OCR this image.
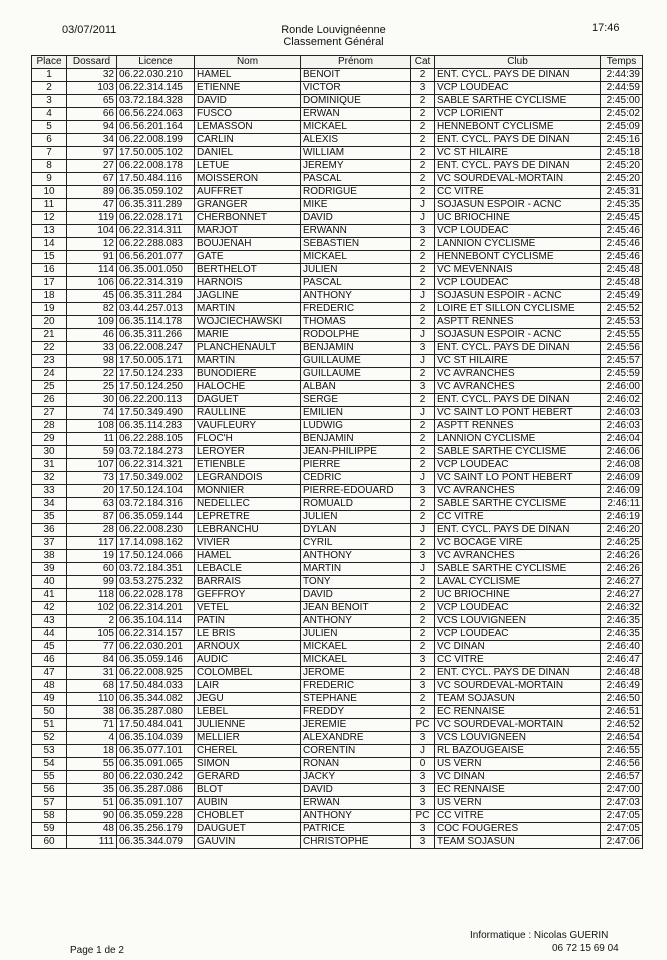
03/07/2011	Ronde Louvignéenne
Classement Général
17:46
Place	Dossard	Licence	Nom	Prénom	Cat	Club	Temps
1	32	06.22.030.210	HAMEL	BENOIT	2	ENT. CYCL. PAYS DE DINAN	2:44:39
2	103	06.22.314.145	ETIENNE	VICTOR	3	VCP LOUDEAC	2:44:59
3	65	03.72.184.328	DAVID	DOMINIQUE	2	SABLE SARTHE CYCLISME	2:45:00
4	66	06.56.224.063	FUSCO	ERWAN	2	VCP LORIENT	2:45:02
5	94	06.56.201.164	LEMASSON	MICKAEL	2	HENNEBONT CYCLISME	2:45:09
6	34	06.22.008.199	CARLIN	ALEXIS	2	ENT. CYCL. PAYS DE DINAN	2:45:16
7	97	17.50.005.102	DANIEL	WILLIAM	2	VC ST HILAIRE	2:45:18
8	27	06.22.008.178	LETUE	JEREMY	2	ENT. CYCL. PAYS DE DINAN	2:45:20
9	67	17.50.484.116	MOISSERON	PASCAL	2	VC SOURDEVAL-MORTAIN	2:45:20
10	89	06.35.059.102	AUFFRET	RODRIGUE	2	CC VITRE	2:45:31
11	47	06.35.311.289	GRANGER	MIKE	J	SOJASUN ESPOIR - ACNC	2:45:35
12	119	06.22.028.171	CHERBONNET	DAVID	J	UC BRIOCHINE	2:45:45
13	104	06.22.314.311	MARJOT	ERWANN	3	VCP LOUDEAC	2:45:46
14	12	06.22.288.083	BOUJENAH	SEBASTIEN	2	LANNION CYCLISME	2:45:46
15	91	06.56.201.077	GATE	MICKAEL	2	HENNEBONT CYCLISME	2:45:46
16	114	06.35.001.050	BERTHELOT	JULIEN	2	VC MEVENNAIS	2:45:48
17	106	06.22.314.319	HARNOIS	PASCAL	2	VCP LOUDEAC	2:45:48
18	45	06.35.311.284	JAGLINE	ANTHONY	J	SOJASUN ESPOIR - ACNC	2:45:49
19	82	03.44.257.013	MARTIN	FREDERIC	2	LOIRE ET SILLON CYCLISME	2:45:52
20	109	06.35.114.178	WOJCIECHAWSKI	THOMAS	2	ASPTT RENNES	2:45:53
21	46	06.35.311.266	MARIE	RODOLPHE	J	SOJASUN ESPOIR - ACNC	2:45:55
22	33	06.22.008.247	PLANCHENAULT	BENJAMIN	3	ENT. CYCL. PAYS DE DINAN	2:45:56
23	98	17.50.005.171	MARTIN	GUILLAUME	J	VC ST HILAIRE	2:45:57
24	22	17.50.124.233	BUNODIERE	GUILLAUME	2	VC AVRANCHES	2:45:59
25	25	17.50.124.250	HALOCHE	ALBAN	3	VC AVRANCHES	2:46:00
26	30	06.22.200.113	DAGUET	SERGE	2	ENT. CYCL. PAYS DE DINAN	2:46:02
27	74	17.50.349.490	RAULLINE	EMILIEN	J	VC SAINT LO PONT HEBERT	2:46:03
28	108	06.35.114.283	VAUFLEURY	LUDWIG	2	ASPTT RENNES	2:46:03
29	11	06.22.288.105	FLOC'H	BENJAMIN	2	LANNION CYCLISME	2:46:04
30	59	03.72.184.273	LEROYER	JEAN-PHILIPPE	2	SABLE SARTHE CYCLISME	2:46:06
31	107	06.22.314.321	ETIENBLE	PIERRE	2	VCP LOUDEAC	2:46:08
32	73	17.50.349.002	LEGRANDOIS	CEDRIC	J	VC SAINT LO PONT HEBERT	2:46:09
33	20	17.50.124.104	MONNIER	PIERRE-EDOUARD	3	VC AVRANCHES	2:46:09
34	63	03.72.184.316	NEDELLEC	ROMUALD	2	SABLE SARTHE CYCLISME	2:46:11
35	87	06.35.059.144	LEPRETRE	JULIEN	2	CC VITRE	2:46:19
36	28	06.22.008.230	LEBRANCHU	DYLAN	J	ENT. CYCL. PAYS DE DINAN	2:46:20
37	117	17.14.098.162	VIVIER	CYRIL	2	VC BOCAGE VIRE	2:46:25
38	19	17.50.124.066	HAMEL	ANTHONY	3	VC AVRANCHES	2:46:26
39	60	03.72.184.351	LEBACLE	MARTIN	J	SABLE SARTHE CYCLISME	2:46:26
40	99	03.53.275.232	BARRAIS	TONY	2	LAVAL CYCLISME	2:46:27
41	118	06.22.028.178	GEFFROY	DAVID	2	UC BRIOCHINE	2:46:27
42	102	06.22.314.201	VETEL	JEAN BENOIT	2	VCP LOUDEAC	2:46:32
43	2	06.35.104.114	PATIN	ANTHONY	2	VCS LOUVIGNEEN	2:46:35
44	105	06.22.314.157	LE BRIS	JULIEN	2	VCP LOUDEAC	2:46:35
45	77	06.22.030.201	ARNOUX	MICKAEL	2	VC DINAN	2:46:40
46	84	06.35.059.146	AUDIC	MICKAEL	3	CC VITRE	2:46:47
47	31	06.22.008.925	COLOMBEL	JEROME	2	ENT. CYCL. PAYS DE DINAN	2:46:48
48	68	17.50.484.033	LAIR	FREDERIC	3	VC SOURDEVAL-MORTAIN	2:46:49
49	110	06.35.344.082	JEGU	STEPHANE	2	TEAM SOJASUN	2:46:50
50	38	06.35.287.080	LEBEL	FREDDY	2	EC RENNAISE	2:46:51
51	71	17.50.484.041	JULIENNE	JEREMIE	PC	VC SOURDEVAL-MORTAIN	2:46:52
52	4	06.35.104.039	MELLIER	ALEXANDRE	3	VCS LOUVIGNEEN	2:46:54
53	18	06.35.077.101	CHEREL	CORENTIN	J	RL BAZOUGEAISE	2:46:55
54	55	06.35.091.065	SIMON	RONAN	0	US VERN	2:46:56
55	80	06.22.030.242	GERARD	JACKY	3	VC DINAN	2:46:57
56	35	06.35.287.086	BLOT	DAVID	3	EC RENNAISE	2:47:00
57	51	06.35.091.107	AUBIN	ERWAN	3	US VERN	2:47:03
58	90	06.35.059.228	CHOBLET	ANTHONY	PC	CC VITRE	2:47:05
59	48	06.35.256.179	DAUGUET	PATRICE	3	COC FOUGERES	2:47:05
60	111	06.35.344.079	GAUVIN	CHRISTOPHE	3	TEAM SOJASUN	2:47:06
Page 1 de 2
Informatique : Nicolas GUERIN
06 72 15 69 04
